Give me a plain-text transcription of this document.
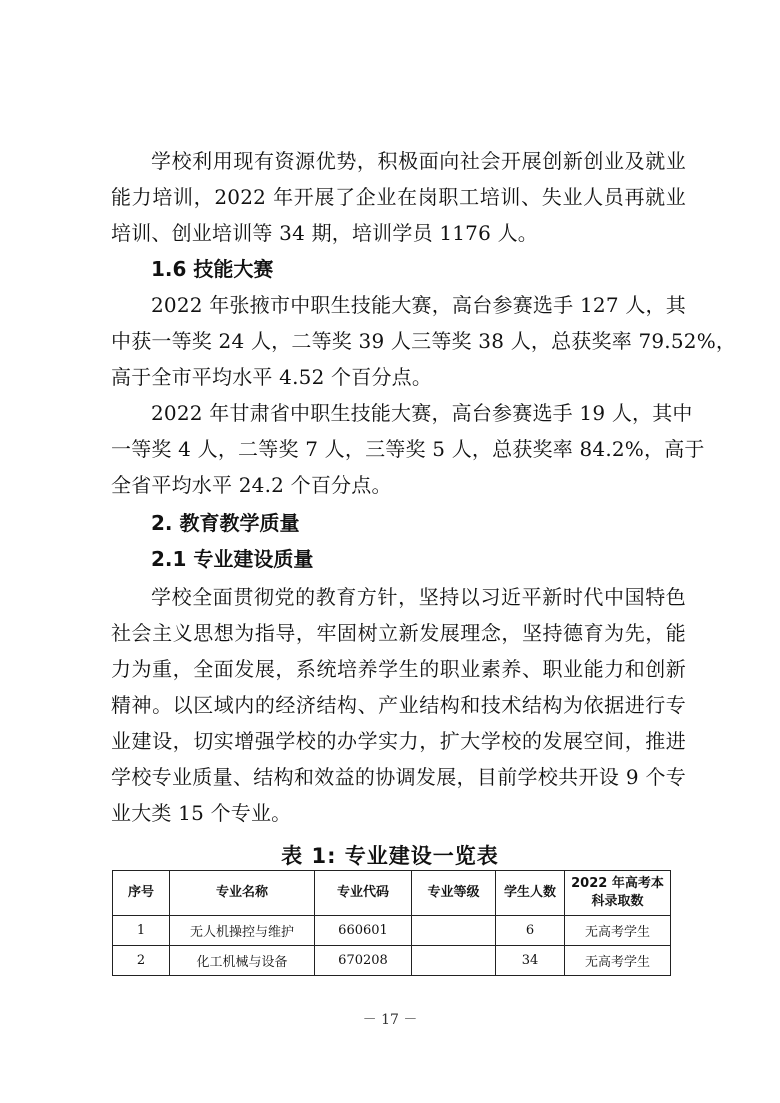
学校利用现有资源优势，积极面向社会开展创新创业及就业
能力培训，2022 年开展了企业在岗职工培训、失业人员再就业
培训、创业培训等 34 期，培训学员 1176 人。
1.6 技能大赛
2022 年张掖市中职生技能大赛，高台参赛选手 127 人，其
中获一等奖 24 人，二等奖 39 人三等奖 38 人，总获奖率 79.52%，
高于全市平均水平 4.52 个百分点。
2022 年甘肃省中职生技能大赛，高台参赛选手 19 人，其中
一等奖 4 人，二等奖 7 人，三等奖 5 人，总获奖率 84.2%，高于
全省平均水平 24.2 个百分点。
2. 教育教学质量
2.1 专业建设质量
学校全面贯彻党的教育方针，坚持以习近平新时代中国特色
社会主义思想为指导，牢固树立新发展理念，坚持德育为先，能
力为重，全面发展，系统培养学生的职业素养、职业能力和创新
精神。以区域内的经济结构、产业结构和技术结构为依据进行专
业建设，切实增强学校的办学实力，扩大学校的发展空间，推进
学校专业质量、结构和效益的协调发展，目前学校共开设 9 个专
业大类 15 个专业。
表 1: 专业建设一览表
序号	专业名称	专业代码	专业等级	学生人数	2022 年高考本科录取数
1	无人机操控与维护	660601		6	无高考学生
2	化工机械与设备	670208		34	无高考学生
－ 17 －
